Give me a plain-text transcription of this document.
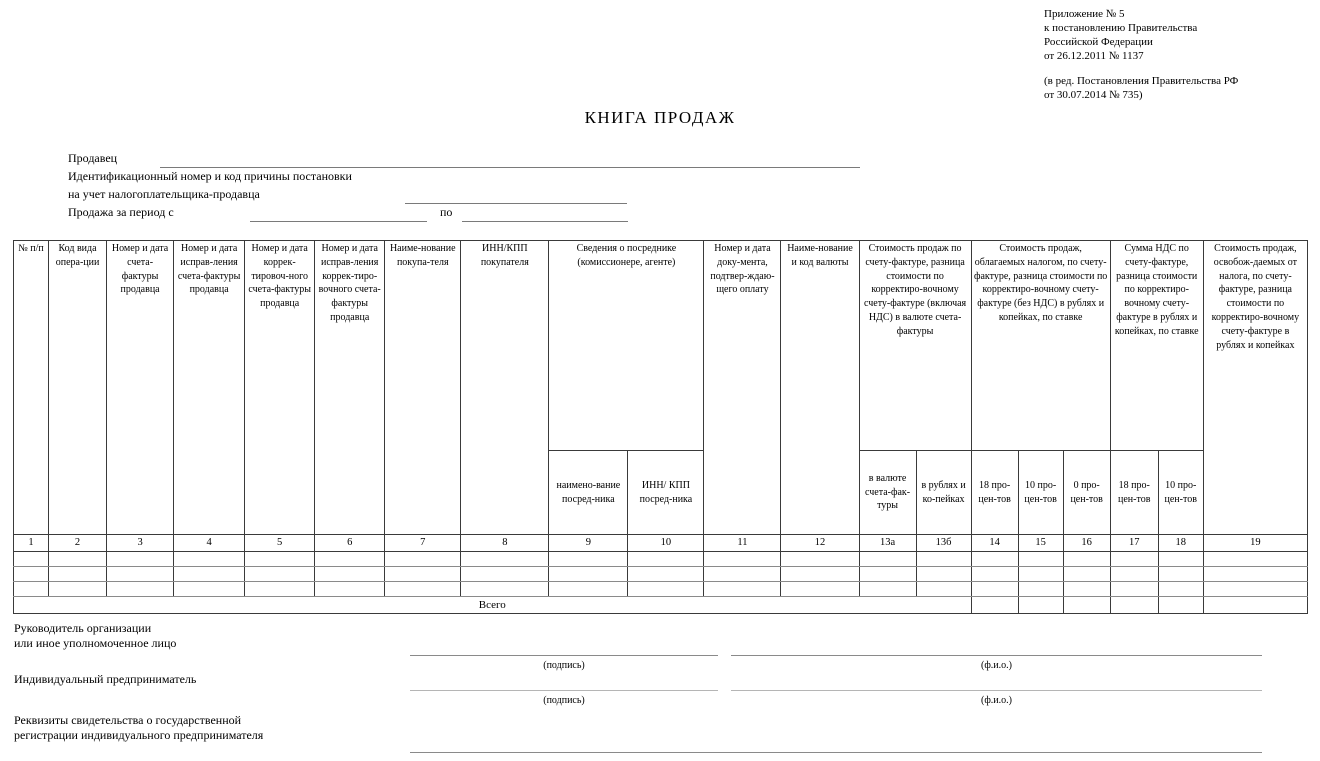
Приложение № 5
к постановлению Правительства
Российской Федерации
от 26.12.2011 № 1137
(в ред. Постановления Правительства РФ
от 30.07.2014 № 735)
КНИГА ПРОДАЖ
Продавец
Идентификационный номер и код причины постановки
на учет налогоплательщика-продавца
Продажа за период с	по
№ п/п	Код вида опера-ции	Номер и дата счета-фактуры продавца	Номер и дата исправ-ления счета-фактуры продавца	Номер и дата коррек-тировоч-ного счета-фактуры продавца	Номер и дата исправ-ления коррек-тиро-вочного счета-фактуры продавца	Наиме-нование покупа-теля	ИНН/КПП покупателя	Сведения о посреднике (комиссионере, агенте)		Номер и дата доку-мента, подтвер-ждаю-щего оплату	Наиме-нование и код валюты	Стоимость продаж по счету-фактуре, разница стоимости по корректиро-вочному счету-фактуре (включая НДС) в валюте счета-фактуры		Стоимость продаж, облагаемых налогом, по счету-фактуре, разница стоимости по корректиро-вочному счету-фактуре (без НДС) в рублях и копейках, по ставке			Сумма НДС по счету-фактуре, разница стоимости по корректиро-вочному счету-фактуре в рублях и копейках, по ставке		Стоимость продаж, освобож-даемых от налога, по счету-фактуре, разница стоимости по корректиро-вочному счету-фактуре в рублях и копейках
								наимено-вание посред-ника	ИНН/ КПП посред-ника			в валюте счета-фак-туры	в рублях и ко-пейках	18 про-цен-тов	10 про-цен-тов	0 про-цен-тов	18 про-цен-тов	10 про-цен-тов	
1	2	3	4	5	6	7	8	9	10	11	12	13а	13б	14	15	16	17	18	19

Всего																			
Руководитель организации
или иное уполномоченное лицо
(подпись)	(ф.и.о.)
Индивидуальный предприниматель
(подпись)	(ф.и.о.)
Реквизиты свидетельства о государственной
регистрации индивидуального предпринимателя
